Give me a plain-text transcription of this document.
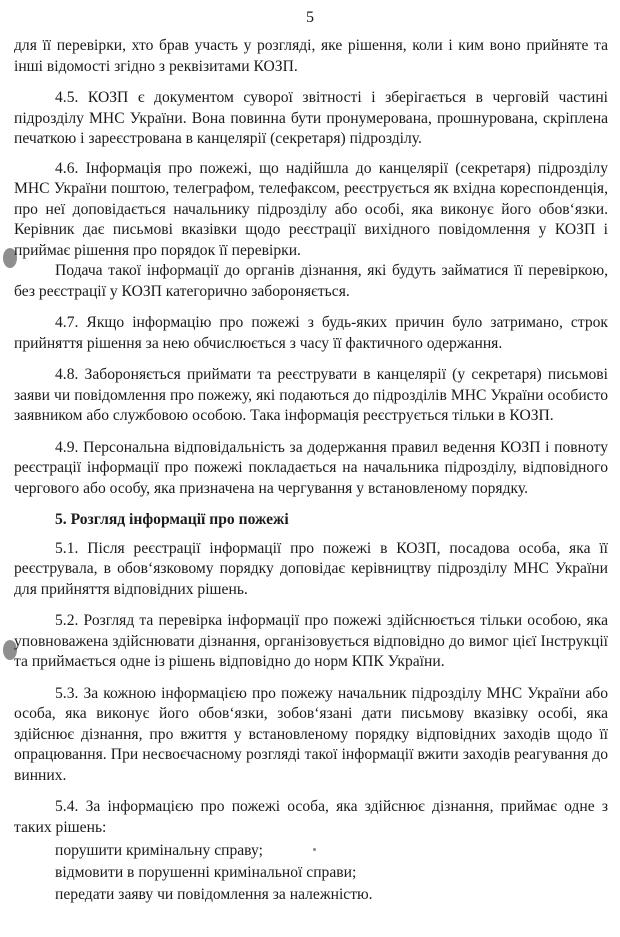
5

для її перевірки, хто брав участь у розгляді, яке рішення, коли і ким воно прийняте та інші відомості згідно з реквізитами КОЗП.

4.5. КОЗП є документом суворої звітності і зберігається в черговій частині підрозділу МНС України. Вона повинна бути пронумерована, прошнурована, скріплена печаткою і зареєстрована в канцелярії (секретаря) підрозділу.

4.6. Інформація про пожежі, що надійшла до канцелярії (секретаря) підрозділу МНС України поштою, телеграфом, телефаксом, реєструється як вхідна кореспонденція, про неї доповідається начальнику підрозділу або особі, яка виконує його обов‘язки. Керівник дає письмові вказівки щодо реєстрації вихідного повідомлення у КОЗП і приймає рішення про порядок її перевірки.

Подача такої інформації до органів дізнання, які будуть займатися її перевіркою, без реєстрації у КОЗП категорично забороняється.

4.7. Якщо інформацію про пожежі з будь-яких причин було затримано, строк прийняття рішення за нею обчислюється з часу її фактичного одержання.

4.8. Забороняється приймати та реєструвати в канцелярії (у секретаря) письмові заяви чи повідомлення про пожежу, які подаються до підрозділів МНС України особисто заявником або службовою особою. Така інформація реєструється тільки в КОЗП.

4.9. Персональна відповідальність за додержання правил ведення КОЗП і повноту реєстрації інформації про пожежі покладається на начальника підрозділу, відповідного чергового або особу, яка призначена на чергування у встановленому порядку.

5. Розгляд інформації про пожежі

5.1. Після реєстрації інформації про пожежі в КОЗП, посадова особа, яка її реєструвала, в обов‘язковому порядку доповідає керівництву підрозділу МНС України для прийняття відповідних рішень.

5.2. Розгляд та перевірка інформації про пожежі здійснюється тільки особою, яка уповноважена здійснювати дізнання, організовується відповідно до вимог цієї Інструкції та приймається одне із рішень відповідно до норм КПК України.

5.3. За кожною інформацією про пожежу начальник підрозділу МНС України або особа, яка виконує його обов‘язки, зобов‘язані дати письмову вказівку особі, яка здійснює дізнання, про вжиття у встановленому порядку відповідних заходів щодо її опрацювання. При несвоєчасному розгляді такої інформації вжити заходів реагування до винних.

5.4. За інформацією про пожежі особа, яка здійснює дізнання, приймає одне з таких рішень:

порушити кримінальну справу;
відмовити в порушенні кримінальної справи;
передати заяву чи повідомлення за належністю.
